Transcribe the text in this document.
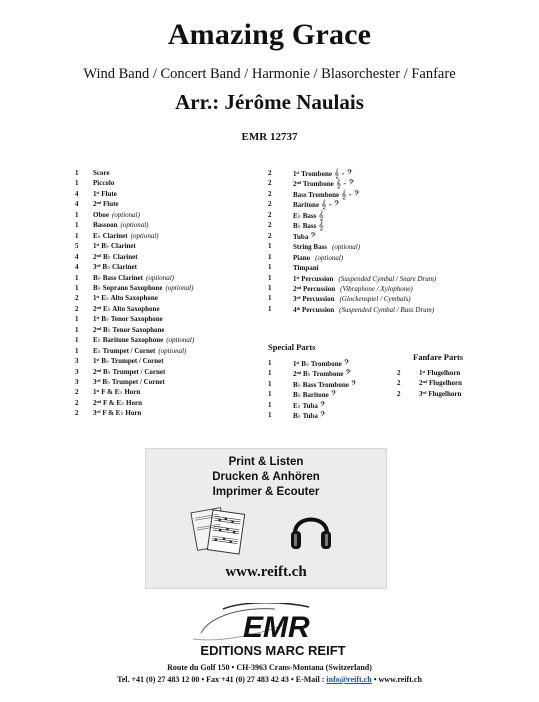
Amazing Grace
Wind Band / Concert Band / Harmonie / Blasorchester / Fanfare
Arr.: Jérôme Naulais
EMR 12737
1	Score
1	Piccolo
4	1ˢᵗ Flute
4	2ⁿᵈ Flute
1	Oboe (optional)
1	Bassoon (optional)
1	E♭ Clarinet (optional)
5	1ˢᵗ B♭ Clarinet
4	2ⁿᵈ B♭ Clarinet
4	3ʳᵈ B♭ Clarinet
1	B♭ Bass Clarinet (optional)
1	B♭ Soprano Saxophone (optional)
2	1ˢᵗ E♭ Alto Saxophone
2	2ⁿᵈ E♭ Alto Saxophone
1	1ˢᵗ B♭ Tenor Saxophone
1	2ⁿᵈ B♭ Tenor Saxophone
1	E♭ Baritone Saxophone (optional)
1	E♭ Trumpet / Cornet (optional)
3	1ˢᵗ B♭ Trumpet / Cornet
3	2ⁿᵈ B♭ Trumpet / Cornet
3	3ʳᵈ B♭ Trumpet / Cornet
2	1ˢᵗ F & E♭ Horn
2	2ⁿᵈ F & E♭ Horn
2	3ʳᵈ F & E♭ Horn
2	1ˢᵗ Trombone 𝄞 - 𝄢
2	2ⁿᵈ Trombone 𝄞 - 𝄢
2	Bass Trombone 𝄞 - 𝄢
2	Baritone 𝄞 - 𝄢
2	E♭ Bass 𝄞
2	B♭ Bass 𝄞
2	Tuba 𝄢
1	String Bass (optional)
1	Piano (optional)
1	Timpani
1	1ˢᵗ Percussion (Suspended Cymbal / Snare Drum)
1	2ⁿᵈ Percussion (Vibraphone / Xylophone)
1	3ʳᵈ Percussion (Glockenspiel / Cymbals)
1	4ᵗʰ Percussion (Suspended Cymbal / Bass Drum)
Special Parts
1	1ˢᵗ B♭ Trombone 𝄢
1	2ⁿᵈ B♭ Trombone 𝄢
1	B♭ Bass Trombone 𝄢
1	B♭ Baritone 𝄢
1	E♭ Tuba 𝄢
1	B♭ Tuba 𝄢
Fanfare Parts
2	1ˢᵗ Flugelhorn
2	2ⁿᵈ Flugelhorn
2	3ʳᵈ Flugelhorn
Print & Listen
Drucken & Anhören
Imprimer & Ecouter
www.reift.ch
EMR
EDITIONS MARC REIFT
Route du Golf 150 • CH-3963 Crans-Montana (Switzerland)
Tel. +41 (0) 27 483 12 00 • Fax +41 (0) 27 483 42 43 • E-Mail : info@reift.ch • www.reift.ch
